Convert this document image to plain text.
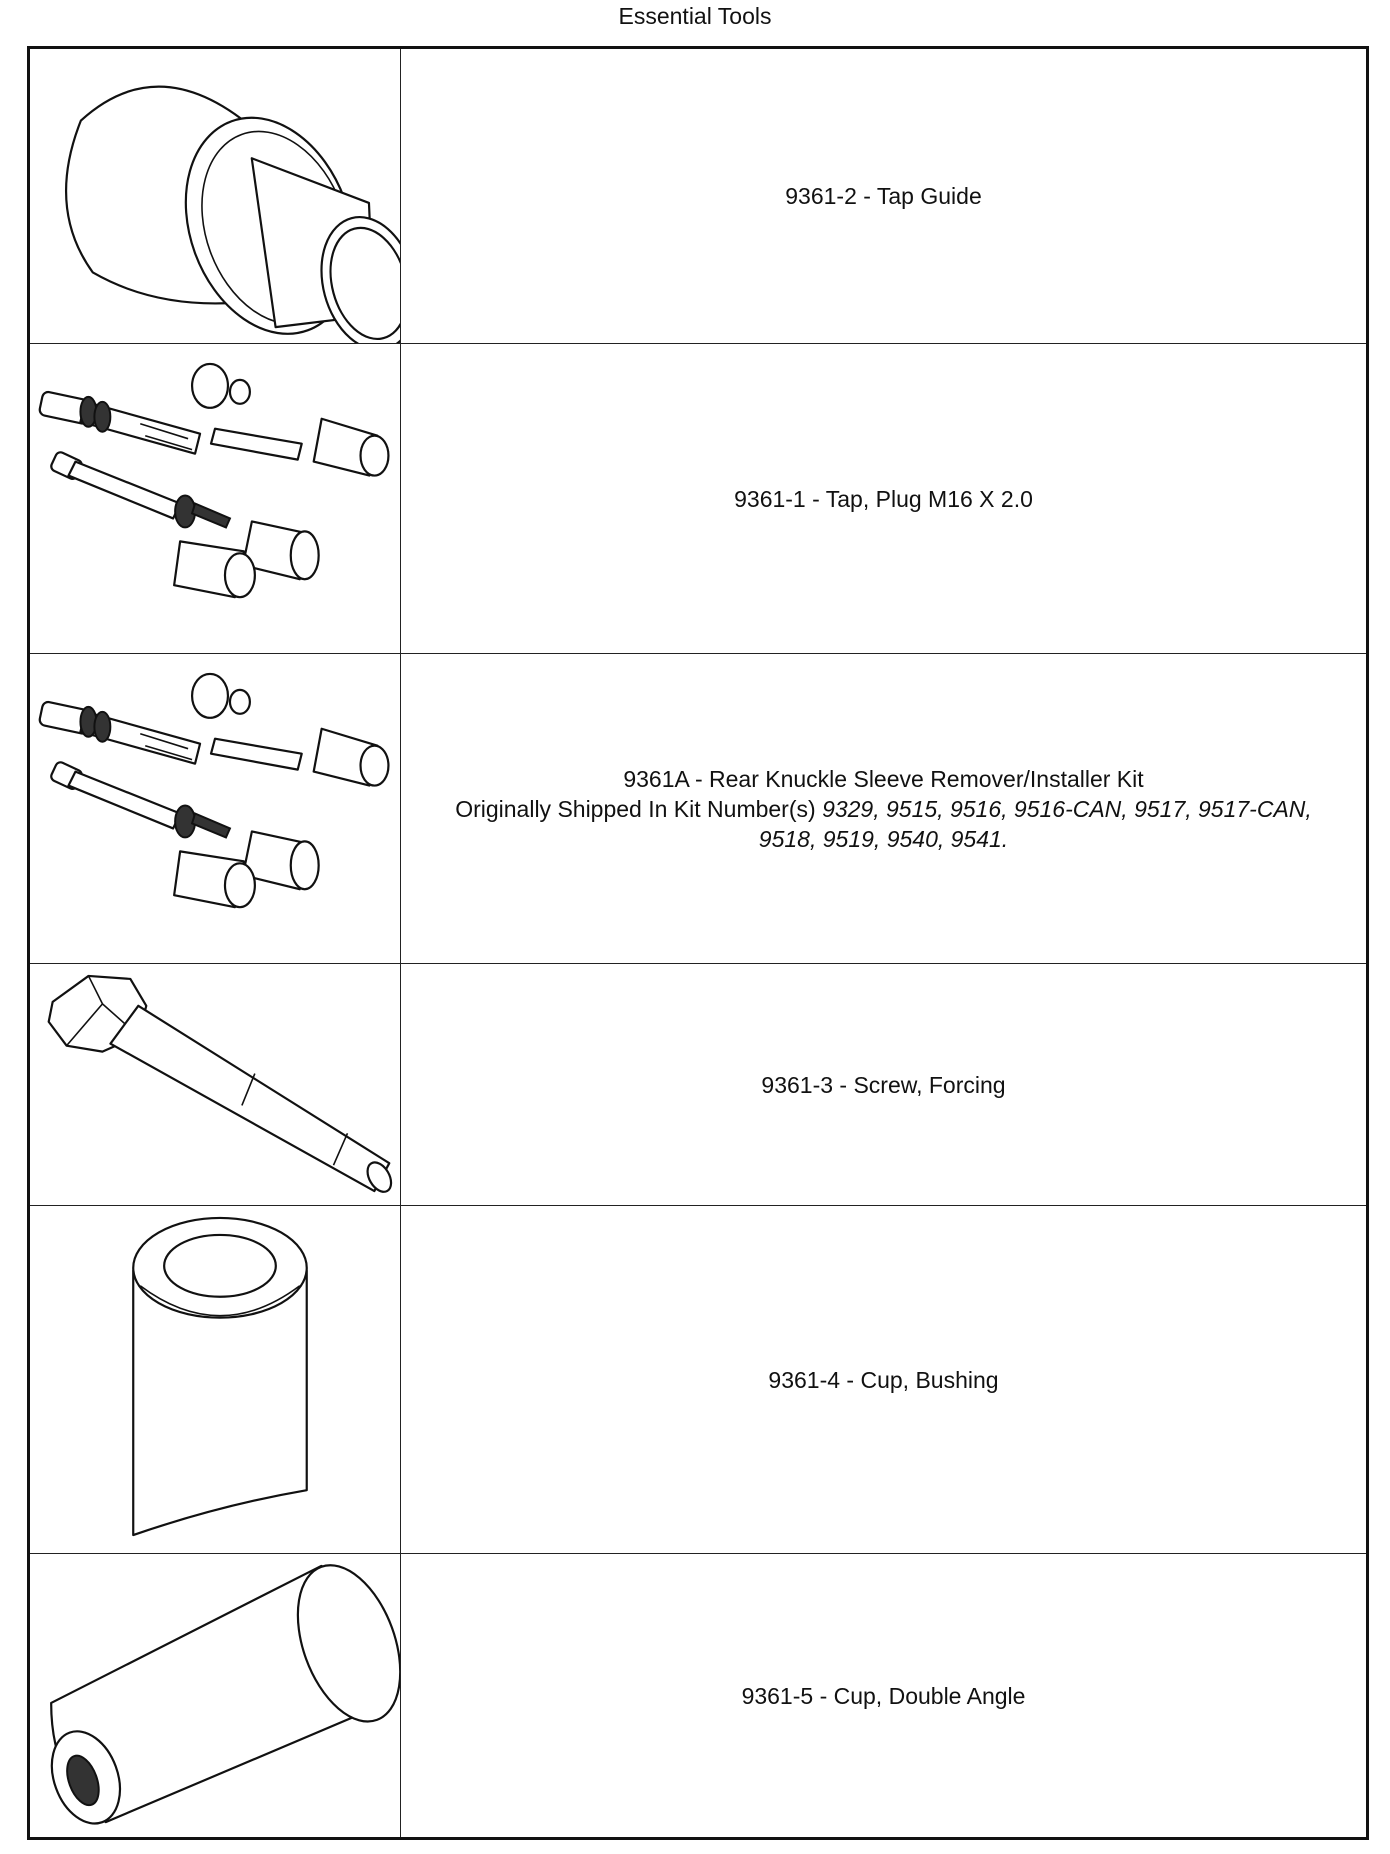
Essential Tools
	9361-2 - Tap Guide

	9361-1 - Tap, Plug M16 X 2.0

9361A - Rear Knuckle Sleeve Remover/Installer Kit
Originally Shipped In Kit Number(s) 9329, 9515, 9516, 9516-CAN, 9517, 9517-CAN,
9518, 9519, 9540, 9541.

	9361-3 - Screw, Forcing

	9361-4 - Cup, Bushing

	9361-5 - Cup, Double Angle
